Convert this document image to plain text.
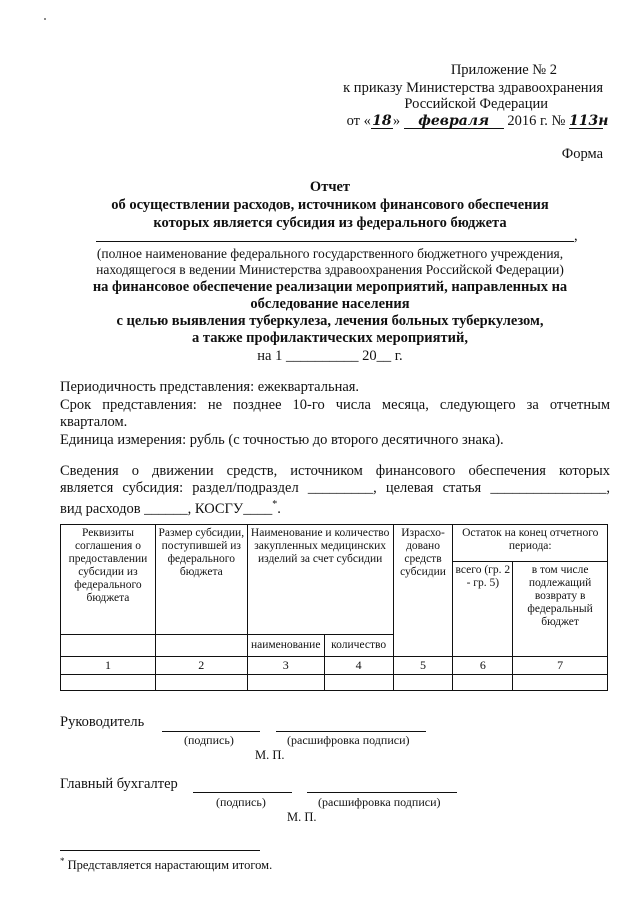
Приложение № 2
к приказу Министерства здравоохранения
Российской Федерации
от «18» февраля 2016 г. № 113н
Форма
Отчет
об осуществлении расходов, источником финансового обеспечения
которых является субсидия из федерального бюджета
,
(полное наименование федерального государственного бюджетного учреждения,
находящегося в ведении Министерства здравоохранения Российской Федерации)
на финансовое обеспечение реализации мероприятий, направленных на
обследование населения
с целью выявления туберкулеза, лечения больных туберкулезом,
а также профилактических мероприятий,
на 1 __________ 20__ г.
Периодичность представления: ежеквартальная.
Срок представления: не позднее 10-го числа месяца, следующего за отчетным
кварталом.
Единица измерения: рубль (с точностью до второго десятичного знака).
Сведения о движении средств, источником финансового обеспечения которых
является субсидия: раздел/подраздел _________, целевая статья ________________,
вид расходов ______, КОСГУ____*.
Реквизиты соглашения о предоставлении субсидии из федерального бюджета	Размер субсидии, поступившей из федерального бюджета	Наименование и количество закупленных медицинских изделий за счет субсидии		Израсхо-довано средств субсидии	Остаток на конец отчетного периода:	
					всего (гр. 2 - гр. 5)	в том числе подлежащий возврату в федеральный бюджет
		наименование	количество			
1	2	3	4	5	6	7

Руководитель
(подпись)	(расшифровка подписи)
М. П.
Главный бухгалтер
(подпись)	(расшифровка подписи)
М. П.
* Представляется нарастающим итогом.
